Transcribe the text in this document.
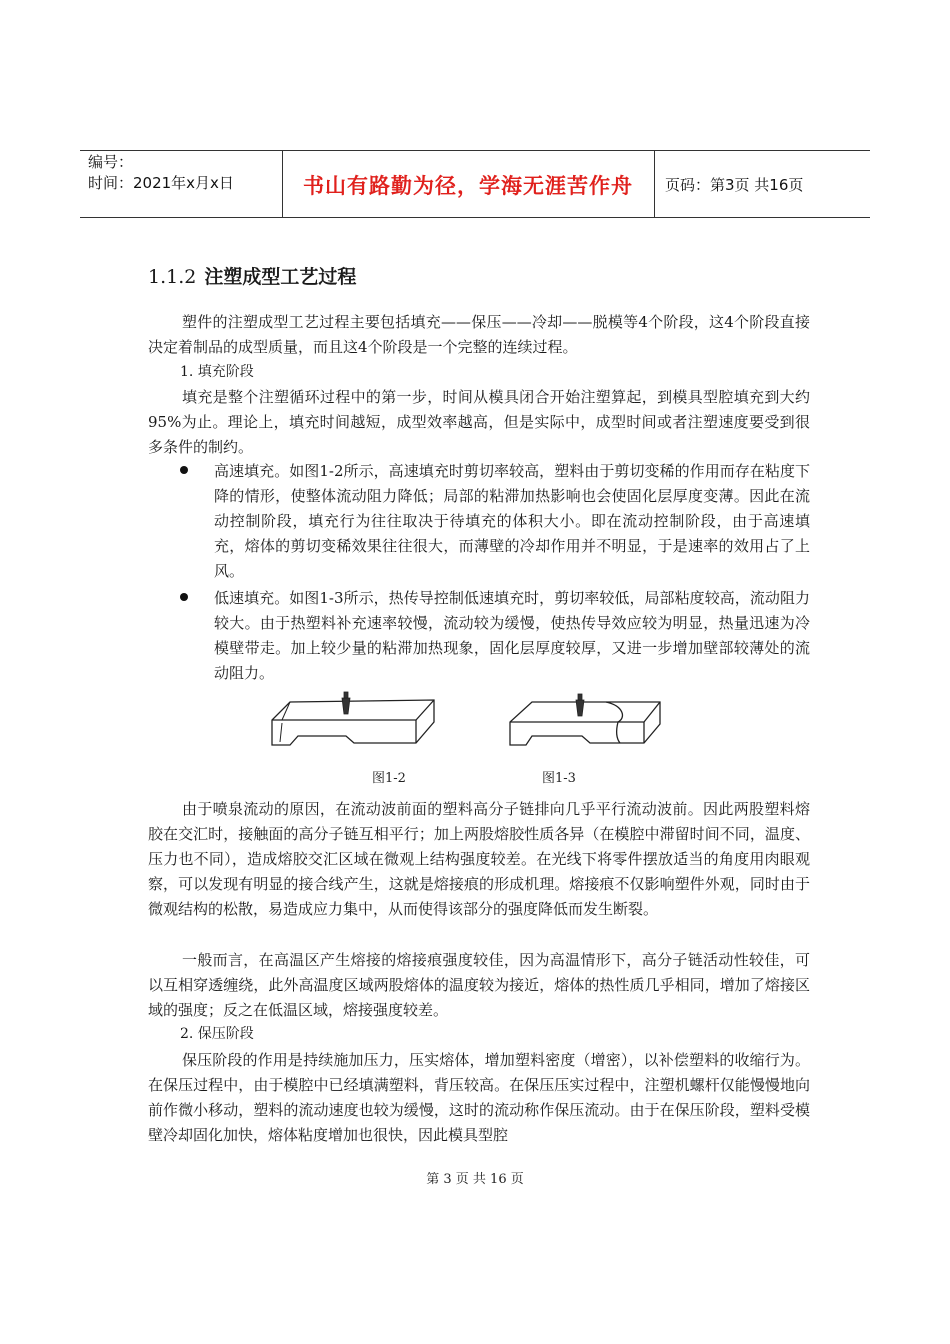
编号：
时间：2021年x月x日	书山有路勤为径，学海无涯苦作舟	页码：第3页 共16页
1.1.2 注塑成型工艺过程
塑件的注塑成型工艺过程主要包括填充——保压——冷却——脱模等4个阶段，这4个阶段直接决定着制品的成型质量，而且这4个阶段是一个完整的连续过程。
1. 填充阶段
填充是整个注塑循环过程中的第一步，时间从模具闭合开始注塑算起，到模具型腔填充到大约95%为止。理论上，填充时间越短，成型效率越高，但是实际中，成型时间或者注塑速度要受到很多条件的制约。
高速填充。如图1-2所示，高速填充时剪切率较高，塑料由于剪切变稀的作用而存在粘度下降的情形，使整体流动阻力降低；局部的粘滞加热影响也会使固化层厚度变薄。因此在流动控制阶段，填充行为往往取决于待填充的体积大小。即在流动控制阶段，由于高速填充，熔体的剪切变稀效果往往很大，而薄壁的冷却作用并不明显，于是速率的效用占了上风。
低速填充。如图1-3所示，热传导控制低速填充时，剪切率较低，局部粘度较高，流动阻力较大。由于热塑料补充速率较慢，流动较为缓慢，使热传导效应较为明显，热量迅速为冷模壁带走。加上较少量的粘滞加热现象，固化层厚度较厚，又进一步增加壁部较薄处的流动阻力。
图1-2	图1-3
由于喷泉流动的原因，在流动波前面的塑料高分子链排向几乎平行流动波前。因此两股塑料熔胶在交汇时，接触面的高分子链互相平行；加上两股熔胶性质各异（在模腔中滞留时间不同，温度、压力也不同），造成熔胶交汇区域在微观上结构强度较差。在光线下将零件摆放适当的角度用肉眼观察，可以发现有明显的接合线产生，这就是熔接痕的形成机理。熔接痕不仅影响塑件外观，同时由于微观结构的松散，易造成应力集中，从而使得该部分的强度降低而发生断裂。
一般而言，在高温区产生熔接的熔接痕强度较佳，因为高温情形下，高分子链活动性较佳，可以互相穿透缠绕，此外高温度区域两股熔体的温度较为接近，熔体的热性质几乎相同，增加了熔接区域的强度；反之在低温区域，熔接强度较差。
2. 保压阶段
保压阶段的作用是持续施加压力，压实熔体，增加塑料密度（增密），以补偿塑料的收缩行为。在保压过程中，由于模腔中已经填满塑料，背压较高。在保压压实过程中，注塑机螺杆仅能慢慢地向前作微小移动，塑料的流动速度也较为缓慢，这时的流动称作保压流动。由于在保压阶段，塑料受模壁冷却固化加快，熔体粘度增加也很快，因此模具型腔
第 3 页 共 16 页
